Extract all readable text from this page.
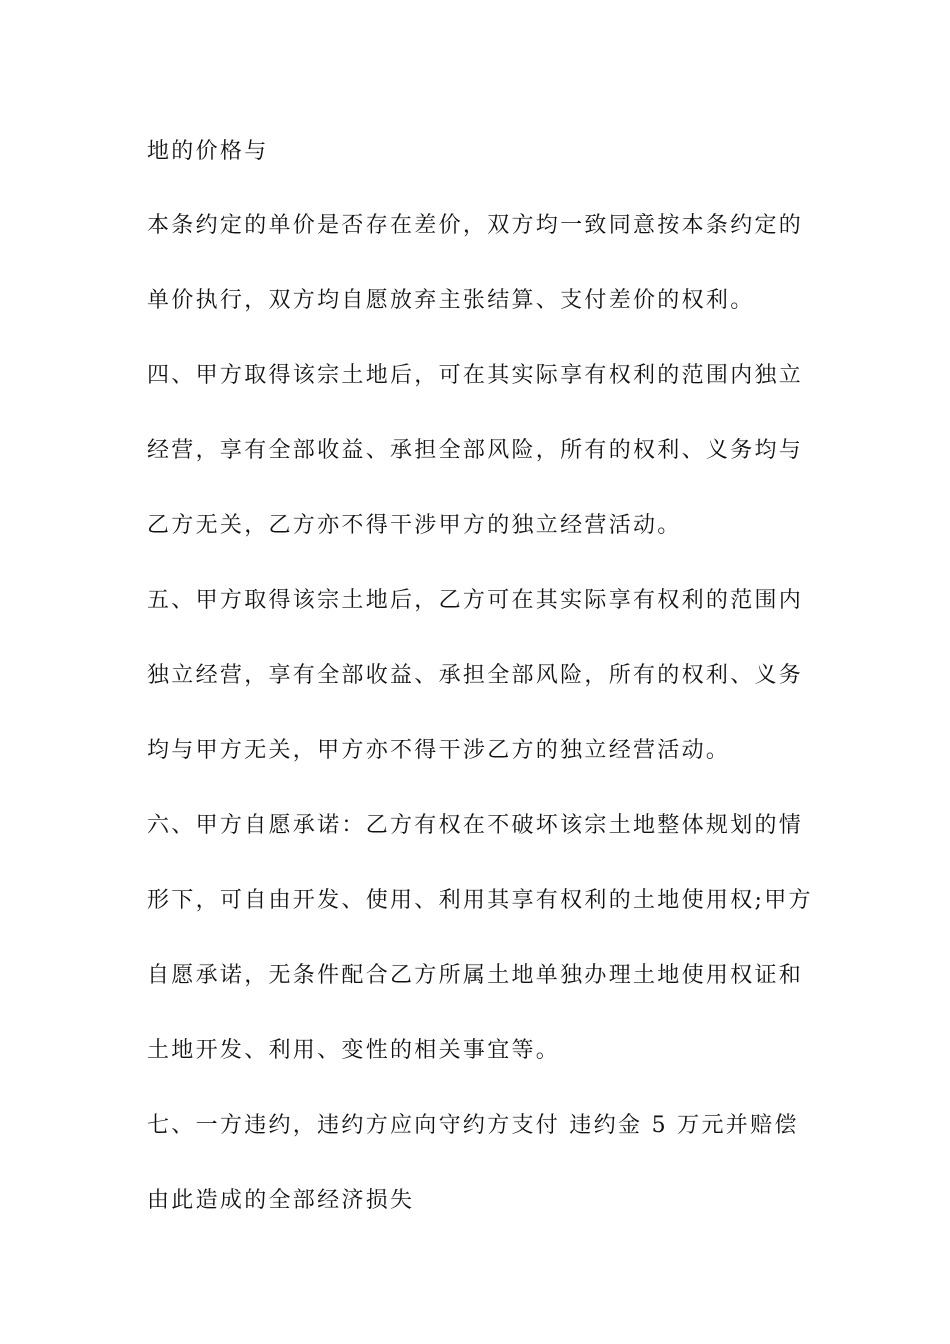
地的价格与
本条约定的单价是否存在差价，双方均一致同意按本条约定的
单价执行，双方均自愿放弃主张结算、支付差价的权利。
四、甲方取得该宗土地后，可在其实际享有权利的范围内独立
经营，享有全部收益、承担全部风险，所有的权利、义务均与
乙方无关，乙方亦不得干涉甲方的独立经营活动。
五、甲方取得该宗土地后，乙方可在其实际享有权利的范围内
独立经营，享有全部收益、承担全部风险，所有的权利、义务
均与甲方无关，甲方亦不得干涉乙方的独立经营活动。
六、甲方自愿承诺：乙方有权在不破坏该宗土地整体规划的情
形下，可自由开发、使用、利用其享有权利的土地使用权;甲方
自愿承诺，无条件配合乙方所属土地单独办理土地使用权证和
土地开发、利用、变性的相关事宜等。
七、一方违约，违约方应向守约方支付 违约金 5 万元并赔偿
由此造成的全部经济损失
